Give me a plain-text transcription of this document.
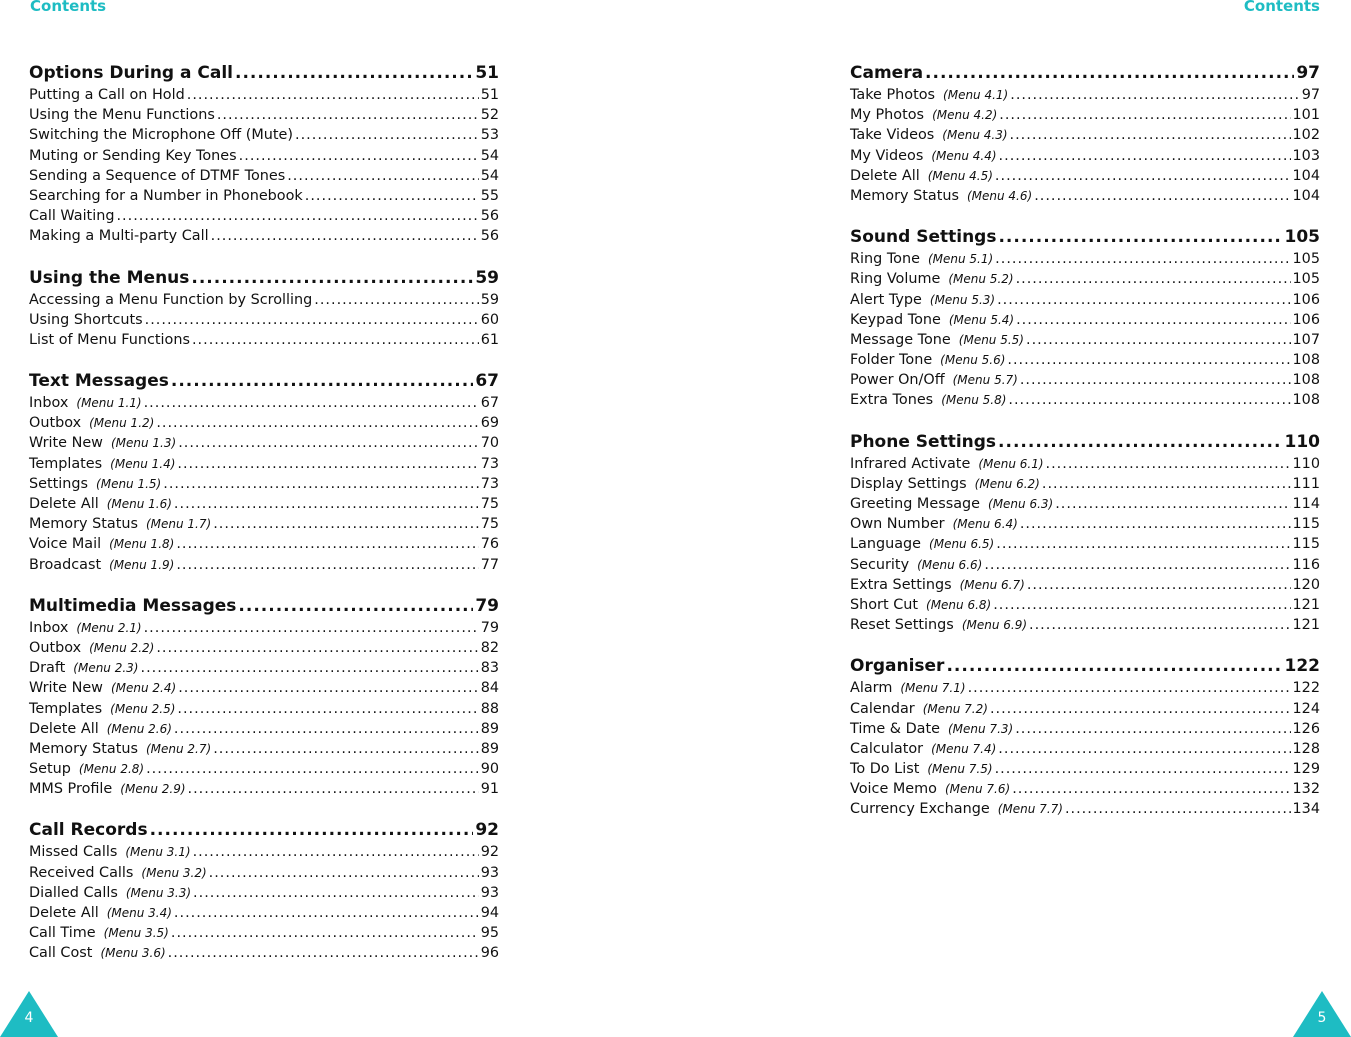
Contents	Contents
Options During a Call .....	51
Putting a Call on Hold .....	51
Using the Menu Functions .....	52
Switching the Microphone Off (Mute) .....	53
Muting or Sending Key Tones .....	54
Sending a Sequence of DTMF Tones .....	54
Searching for a Number in Phonebook .....	55
Call Waiting .....	56
Making a Multi-party Call .....	56
Using the Menus .....	59
Accessing a Menu Function by Scrolling .....	59
Using Shortcuts .....	60
List of Menu Functions .....	61
Text Messages .....	67
Inbox (Menu 1.1) .....	67
Outbox (Menu 1.2) .....	69
Write New (Menu 1.3) .....	70
Templates (Menu 1.4) .....	73
Settings (Menu 1.5) .....	73
Delete All (Menu 1.6) .....	75
Memory Status (Menu 1.7) .....	75
Voice Mail (Menu 1.8) .....	76
Broadcast (Menu 1.9) .....	77
Multimedia Messages .....	79
Inbox (Menu 2.1) .....	79
Outbox (Menu 2.2) .....	82
Draft (Menu 2.3) .....	83
Write New (Menu 2.4) .....	84
Templates (Menu 2.5) .....	88
Delete All (Menu 2.6) .....	89
Memory Status (Menu 2.7) .....	89
Setup (Menu 2.8) .....	90
MMS Profile (Menu 2.9) .....	91
Call Records .....	92
Missed Calls (Menu 3.1) .....	92
Received Calls (Menu 3.2) .....	93
Dialled Calls (Menu 3.3) .....	93
Delete All (Menu 3.4) .....	94
Call Time (Menu 3.5) .....	95
Call Cost (Menu 3.6) .....	96
Camera .....	97
Take Photos (Menu 4.1) .....	97
My Photos (Menu 4.2) .....	101
Take Videos (Menu 4.3) .....	102
My Videos (Menu 4.4) .....	103
Delete All (Menu 4.5) .....	104
Memory Status (Menu 4.6) .....	104
Sound Settings .....	105
Ring Tone (Menu 5.1) .....	105
Ring Volume (Menu 5.2) .....	105
Alert Type (Menu 5.3) .....	106
Keypad Tone (Menu 5.4) .....	106
Message Tone (Menu 5.5) .....	107
Folder Tone (Menu 5.6) .....	108
Power On/Off (Menu 5.7) .....	108
Extra Tones (Menu 5.8) .....	108
Phone Settings .....	110
Infrared Activate (Menu 6.1) .....	110
Display Settings (Menu 6.2) .....	111
Greeting Message (Menu 6.3) .....	114
Own Number (Menu 6.4) .....	115
Language (Menu 6.5) .....	115
Security (Menu 6.6) .....	116
Extra Settings (Menu 6.7) .....	120
Short Cut (Menu 6.8) .....	121
Reset Settings (Menu 6.9) .....	121
Organiser .....	122
Alarm (Menu 7.1) .....	122
Calendar (Menu 7.2) .....	124
Time & Date (Menu 7.3) .....	126
Calculator (Menu 7.4) .....	128
To Do List (Menu 7.5) .....	129
Voice Memo (Menu 7.6) .....	132
Currency Exchange (Menu 7.7) .....	134
4	5
